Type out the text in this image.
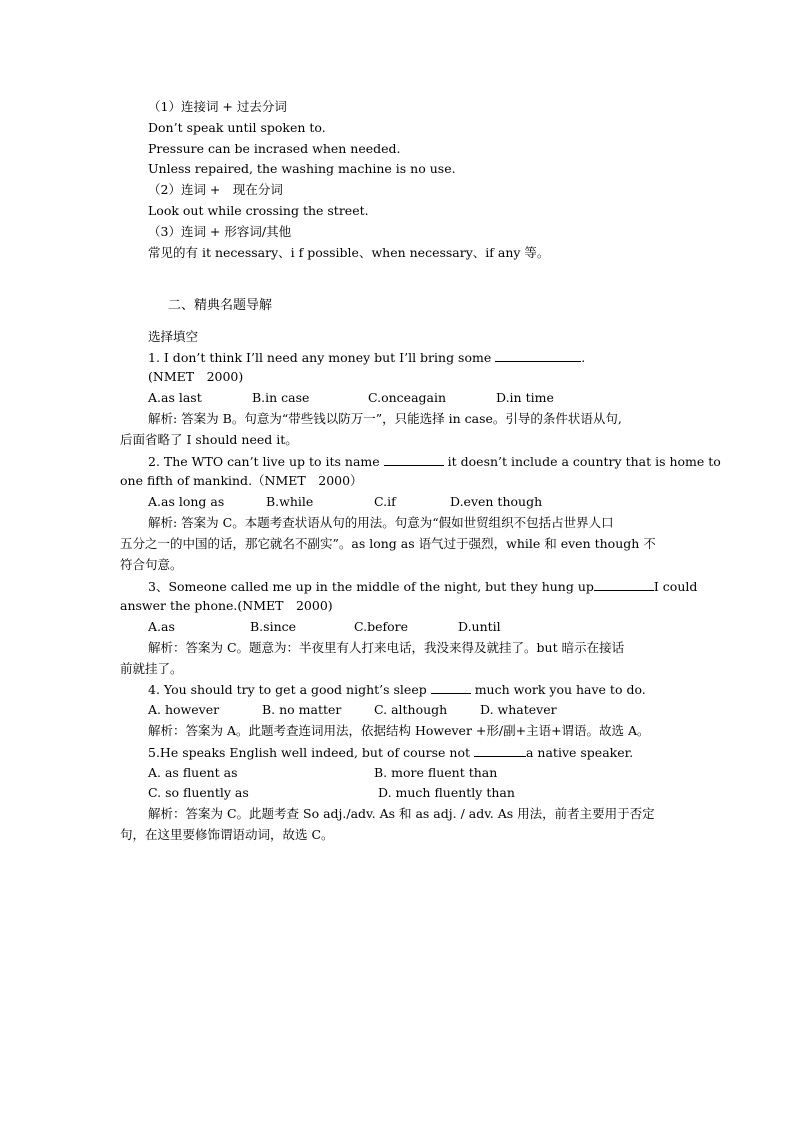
（1）连接词 + 过去分词
Don’t speak until spoken to.
Pressure can be incrased when needed.
Unless repaired, the washing machine is no use.
（2）连词 +　现在分词
Look out while crossing the street.
（3）连词 + 形容词/其他
常见的有 it necessary、i f possible、when necessary、if any 等。
二、精典名题导解
选择填空
1. I don’t think I’ll need any money but I’ll bring some	.
(NMET　2000)
A.as last	B.in case	C.onceagain	D.in time
解析: 答案为 B。句意为“带些钱以防万一”，只能选择 in case。引导的条件状语从句,
后面省略了 I should need it。
2. The WTO can’t live up to its name	it doesn’t include a country that is home to
one fifth of mankind.（NMET　2000）
A.as long as	B.while	C.if	D.even though
解析: 答案为 C。本题考查状语从句的用法。句意为“假如世贸组织不包括占世界人口
五分之一的中国的话，那它就名不副实”。as long as 语气过于强烈，while 和 even though 不
符合句意。
3、Someone called me up in the middle of the night, but they hung up	I could
answer the phone.(NMET　2000)
A.as	B.since	C.before	D.until
解析：答案为 C。题意为：半夜里有人打来电话，我没来得及就挂了。but 暗示在接话
前就挂了。
4. You should try to get a good night’s sleep	much work you have to do.
A. however	B. no matter	C. although	D. whatever
解析：答案为 A。此题考查连词用法，依据结构 However +形/副+主语+谓语。故选 A。
5.He speaks English well indeed, but of course not	a native speaker.
A. as fluent as	B. more fluent than
C. so fluently as	D. much fluently than
解析：答案为 C。此题考查 So adj./adv. As 和 as adj. / adv. As 用法，前者主要用于否定
句，在这里要修饰谓语动词，故选 C。
